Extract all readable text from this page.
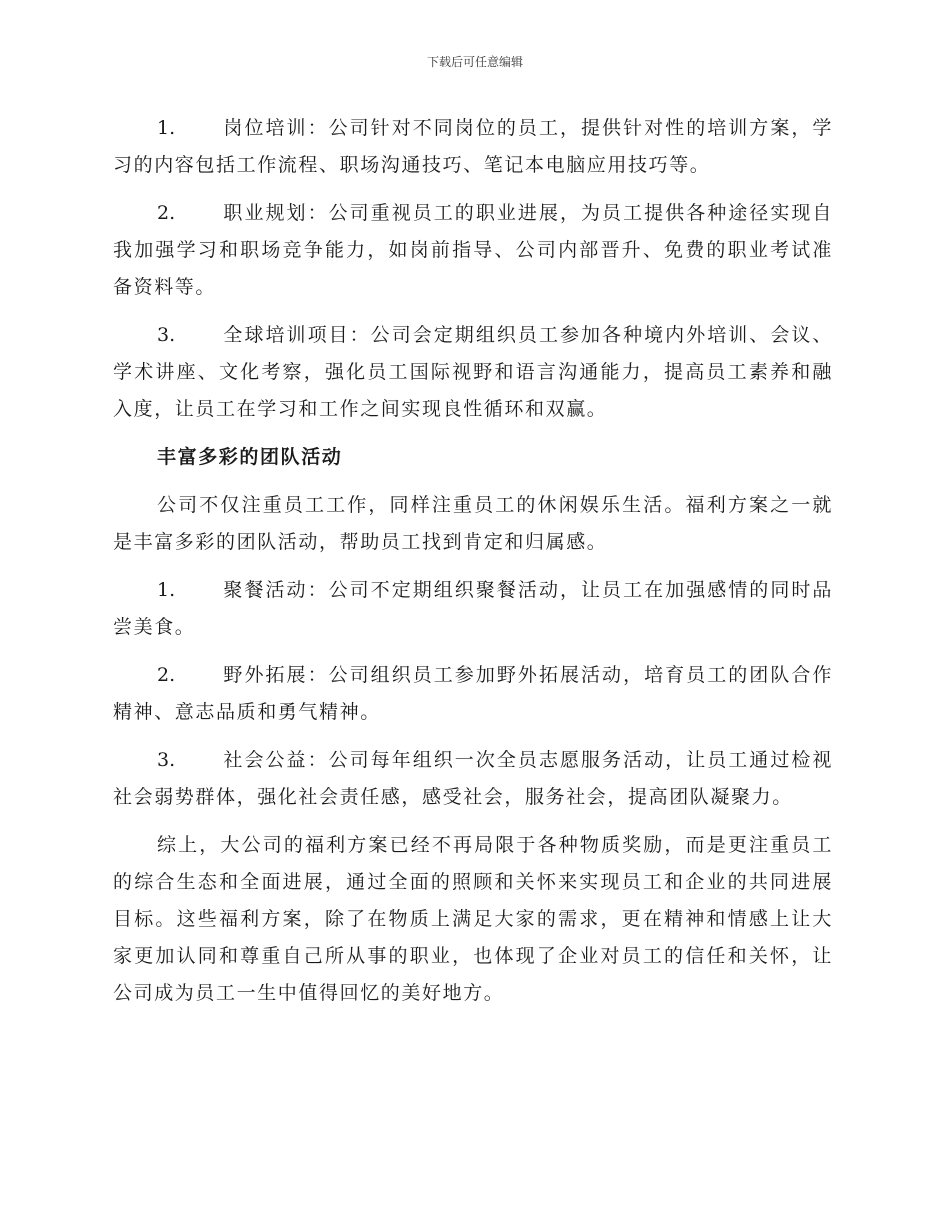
下载后可任意编辑

1.	岗位培训：公司针对不同岗位的员工，提供针对性的培训方案，学习的内容包括工作流程、职场沟通技巧、笔记本电脑应用技巧等。

2.	职业规划：公司重视员工的职业进展，为员工提供各种途径实现自我加强学习和职场竞争能力，如岗前指导、公司内部晋升、免费的职业考试准备资料等。

3.	全球培训项目：公司会定期组织员工参加各种境内外培训、会议、学术讲座、文化考察，强化员工国际视野和语言沟通能力，提高员工素养和融入度，让员工在学习和工作之间实现良性循环和双赢。

丰富多彩的团队活动

公司不仅注重员工工作，同样注重员工的休闲娱乐生活。福利方案之一就是丰富多彩的团队活动，帮助员工找到肯定和归属感。

1.	聚餐活动：公司不定期组织聚餐活动，让员工在加强感情的同时品尝美食。

2.	野外拓展：公司组织员工参加野外拓展活动，培育员工的团队合作精神、意志品质和勇气精神。

3.	社会公益：公司每年组织一次全员志愿服务活动，让员工通过检视社会弱势群体，强化社会责任感，感受社会，服务社会，提高团队凝聚力。

综上，大公司的福利方案已经不再局限于各种物质奖励，而是更注重员工的综合生态和全面进展，通过全面的照顾和关怀来实现员工和企业的共同进展目标。这些福利方案，除了在物质上满足大家的需求，更在精神和情感上让大家更加认同和尊重自己所从事的职业，也体现了企业对员工的信任和关怀，让公司成为员工一生中值得回忆的美好地方。
